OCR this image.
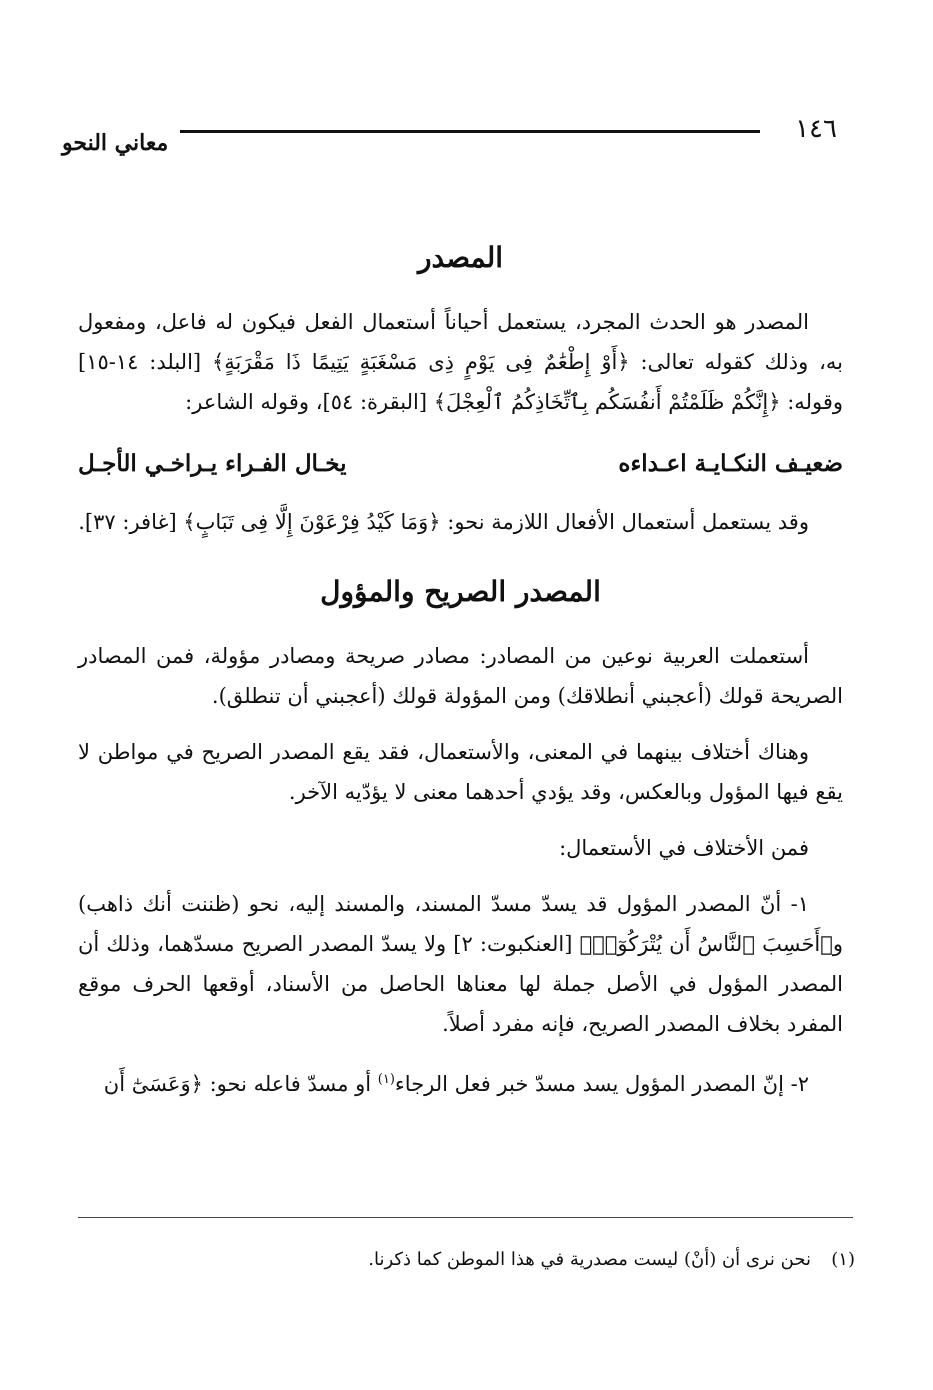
١٤٦
معاني النحو
المصدر

المصدر هو الحدث المجرد، يستعمل أحياناً أستعمال الفعل فيكون له فاعل، ومفعول به، وذلك كقوله تعالى: ﴿أَوْ إِطْعَٰمٌ فِى يَوْمٍ ذِى مَسْغَبَةٍ يَتِيمًا ذَا مَقْرَبَةٍ﴾ [البلد: ١٤-١٥] وقوله: ﴿إِنَّكُمْ ظَلَمْتُمْ أَنفُسَكُم بِٱتِّخَاذِكُمُ ٱلْعِجْلَ﴾ [البقرة: ٥٤]، وقوله الشاعر:

ضعيـف النكـايـة اعـداءه
يخـال الفـراء يـراخـي الأجـل

وقد يستعمل أستعمال الأفعال اللازمة نحو: ﴿وَمَا كَيْدُ فِرْعَوْنَ إِلَّا فِى تَبَابٍ﴾ [غافر: ٣٧].

المصدر الصريح والمؤول

أستعملت العربية نوعين من المصادر: مصادر صريحة ومصادر مؤولة، فمن المصادر الصريحة قولك (أعجبني أنطلاقك) ومن المؤولة قولك (أعجبني أن تنطلق).

وهناك أختلاف بينهما في المعنى، والأستعمال، فقد يقع المصدر الصريح في مواطن لا يقع فيها المؤول وبالعكس، وقد يؤدي أحدهما معنى لا يؤدّيه الآخر.

فمن الأختلاف في الأستعمال:

١- أنّ المصدر المؤول قد يسدّ مسدّ المسند، والمسند إليه، نحو (ظننت أنك ذاهب) و﴿أَحَسِبَ ٱلنَّاسُ أَن يُتْرَكُوٓا۟﴾ [العنكبوت: ٢] ولا يسدّ المصدر الصريح مسدّهما، وذلك أن المصدر المؤول في الأصل جملة لها معناها الحاصل من الأسناد، أوقعها الحرف موقع المفرد بخلاف المصدر الصريح، فإنه مفرد أصلاً.

٢- إنّ المصدر المؤول يسد مسدّ خبر فعل الرجاء$^{(١)}$ أو مسدّ فاعله نحو: ﴿وَعَسَىٰٓ أَن

(١)نحن نرى أن (أنْ) ليست مصدرية في هذا الموطن كما ذكرنا.
